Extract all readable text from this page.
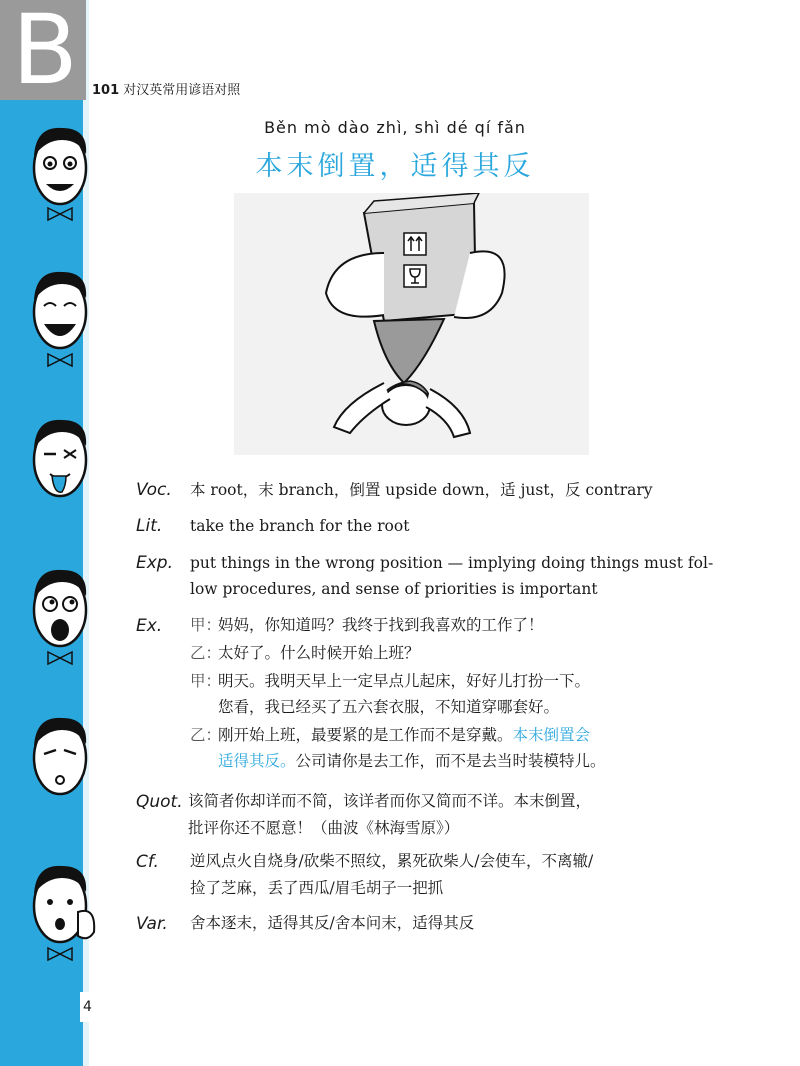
B	101 对汉英常用谚语对照
Běn mò dào zhì, shì dé qí fǎn
本末倒置，适得其反
Voc. 本 root，末 branch，倒置 upside down，适 just，反 contrary
Lit. take the branch for the root
Exp. put things in the wrong position — implying doing things must fol-
low procedures, and sense of priorities is important
Ex. 甲：
妈妈，你知道吗？我终于找到我喜欢的工作了！
乙：
太好了。什么时候开始上班？
甲：
明天。我明天早上一定早点儿起床，好好儿打扮一下。
您看，我已经买了五六套衣服，不知道穿哪套好。
乙：
刚开始上班，最要紧的是工作而不是穿戴。本末倒置会
适得其反。公司请你是去工作，而不是去当时装模特儿。
Quot. 该简者你却详而不简，该详者而你又简而不详。本末倒置，
批评你还不愿意！（曲波《林海雪原》）
Cf. 逆风点火自烧身/砍柴不照纹，累死砍柴人/会使车，不离辙/
捡了芝麻，丢了西瓜/眉毛胡子一把抓
Var. 舍本逐末，适得其反/舍本问末，适得其反
4
